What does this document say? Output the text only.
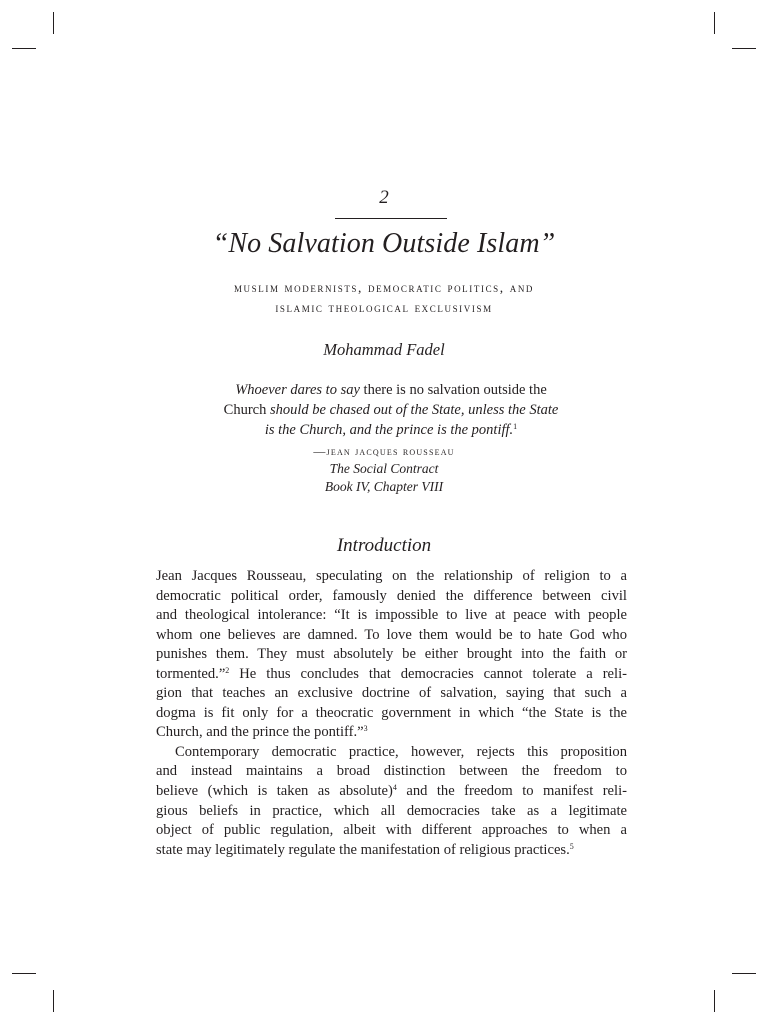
2
“No Salvation Outside Islam”
muslim modernists, democratic politics, and
islamic theological exclusivism
Mohammad Fadel
Whoever dares to say there is no salvation outside the
Church should be chased out of the State, unless the State
is the Church, and the prince is the pontiff.$^1$
—jean jacques rousseau
The Social Contract
Book IV, Chapter VIII
Introduction
Jean Jacques Rousseau, speculating on the relationship of religion to a
democratic political order, famously denied the difference between civil
and theological intolerance: “It is impossible to live at peace with people
whom one believes are damned. To love them would be to hate God who
punishes them. They must absolutely be either brought into the faith or
tormented.”$^2$ He thus concludes that democracies cannot tolerate a reli-
gion that teaches an exclusive doctrine of salvation, saying that such a
dogma is fit only for a theocratic government in which “the State is the
Church, and the prince the pontiff.”$^3$
Contemporary democratic practice, however, rejects this proposition
and instead maintains a broad distinction between the freedom to
believe (which is taken as absolute)$^4$ and the freedom to manifest reli-
gious beliefs in practice, which all democracies take as a legitimate
object of public regulation, albeit with different approaches to when a
state may legitimately regulate the manifestation of religious practices.$^5$
